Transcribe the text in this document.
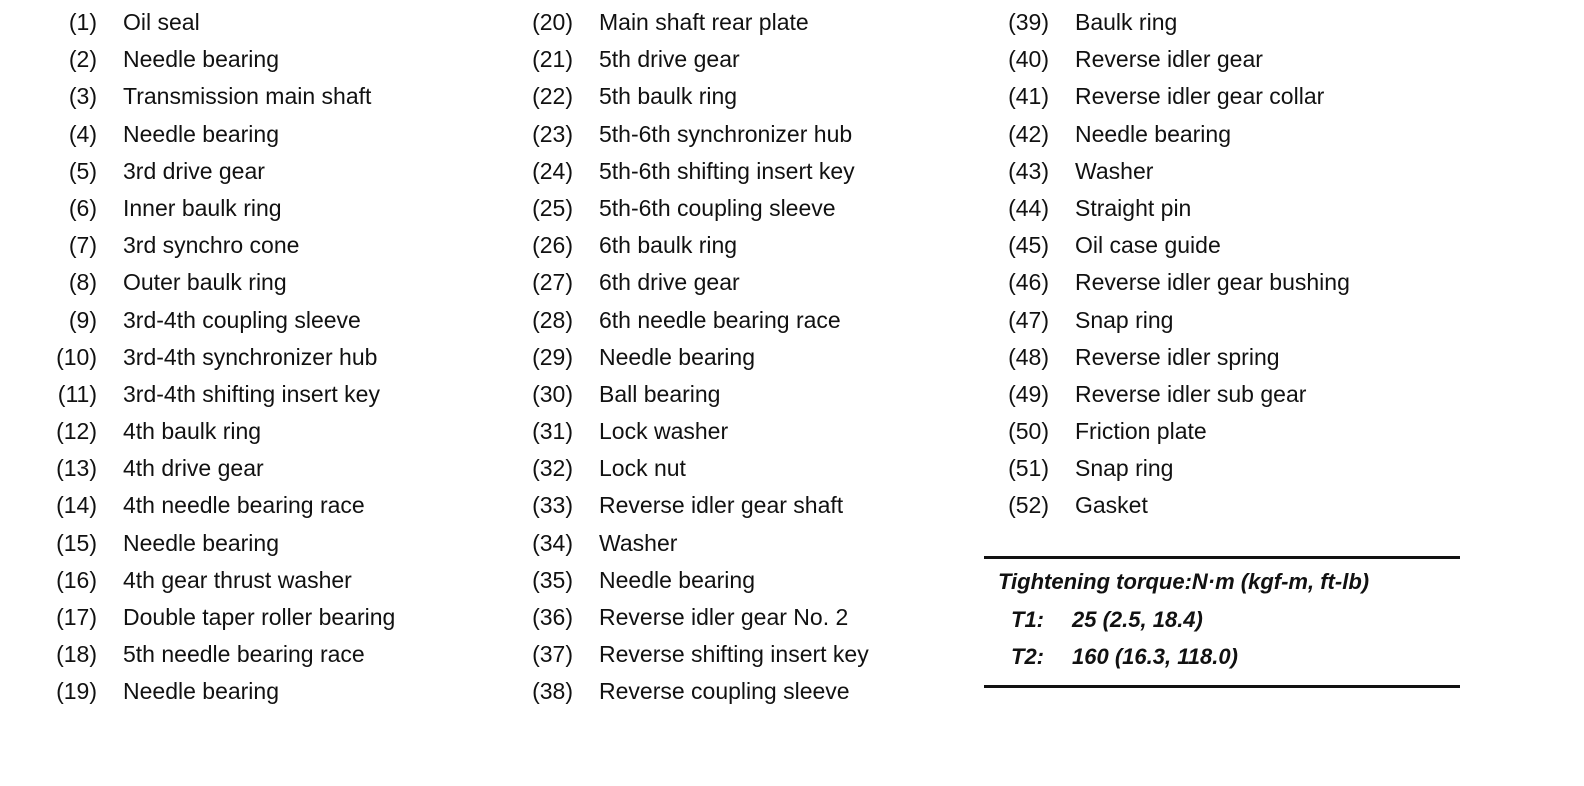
(1) Oil seal
(2) Needle bearing
(3) Transmission main shaft
(4) Needle bearing
(5) 3rd drive gear
(6) Inner baulk ring
(7) 3rd synchro cone
(8) Outer baulk ring
(9) 3rd-4th coupling sleeve
(10) 3rd-4th synchronizer hub
(11) 3rd-4th shifting insert key
(12) 4th baulk ring
(13) 4th drive gear
(14) 4th needle bearing race
(15) Needle bearing
(16) 4th gear thrust washer
(17) Double taper roller bearing
(18) 5th needle bearing race
(19) Needle bearing
(20) Main shaft rear plate
(21) 5th drive gear
(22) 5th baulk ring
(23) 5th-6th synchronizer hub
(24) 5th-6th shifting insert key
(25) 5th-6th coupling sleeve
(26) 6th baulk ring
(27) 6th drive gear
(28) 6th needle bearing race
(29) Needle bearing
(30) Ball bearing
(31) Lock washer
(32) Lock nut
(33) Reverse idler gear shaft
(34) Washer
(35) Needle bearing
(36) Reverse idler gear No. 2
(37) Reverse shifting insert key
(38) Reverse coupling sleeve
(39) Baulk ring
(40) Reverse idler gear
(41) Reverse idler gear collar
(42) Needle bearing
(43) Washer
(44) Straight pin
(45) Oil case guide
(46) Reverse idler gear bushing
(47) Snap ring
(48) Reverse idler spring
(49) Reverse idler sub gear
(50) Friction plate
(51) Snap ring
(52) Gasket
Tightening torque:N·m (kgf-m, ft-lb)
T1: 25 (2.5, 18.4)
T2: 160 (16.3, 118.0)
